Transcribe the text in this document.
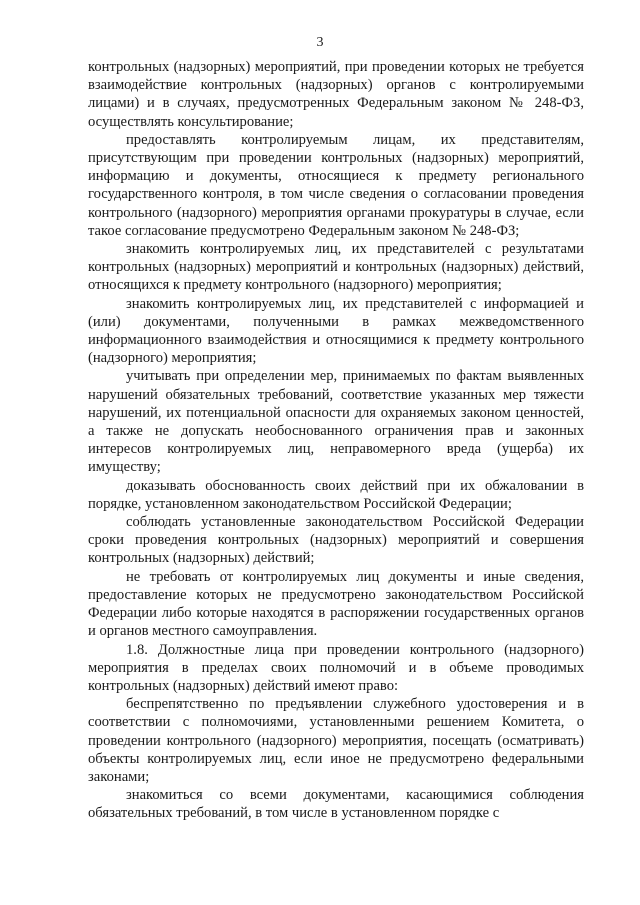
3

контрольных (надзорных) мероприятий, при проведении которых не требуется взаимодействие контрольных (надзорных) органов с контролируемыми лицами) и в случаях, предусмотренных Федеральным законом № 248-ФЗ, осуществлять консультирование;

предоставлять контролируемым лицам, их представителям, присутствующим при проведении контрольных (надзорных) мероприятий, информацию и документы, относящиеся к предмету регионального государственного контроля, в том числе сведения о согласовании проведения контрольного (надзорного) мероприятия органами прокуратуры в случае, если такое согласование предусмотрено Федеральным законом № 248-ФЗ;

знакомить контролируемых лиц, их представителей с результатами контрольных (надзорных) мероприятий и контрольных (надзорных) действий, относящихся к предмету контрольного (надзорного) мероприятия;

знакомить контролируемых лиц, их представителей с информацией и (или) документами, полученными в рамках межведомственного информационного взаимодействия и относящимися к предмету контрольного (надзорного) мероприятия;

учитывать при определении мер, принимаемых по фактам выявленных нарушений обязательных требований, соответствие указанных мер тяжести нарушений, их потенциальной опасности для охраняемых законом ценностей, а также не допускать необоснованного ограничения прав и законных интересов контролируемых лиц, неправомерного вреда (ущерба) их имуществу;

доказывать обоснованность своих действий при их обжаловании в порядке, установленном законодательством Российской Федерации;

соблюдать установленные законодательством Российской Федерации сроки проведения контрольных (надзорных) мероприятий и совершения контрольных (надзорных) действий;

не требовать от контролируемых лиц документы и иные сведения, предоставление которых не предусмотрено законодательством Российской Федерации либо которые находятся в распоряжении государственных органов и органов местного самоуправления.

1.8. Должностные лица при проведении контрольного (надзорного) мероприятия в пределах своих полномочий и в объеме проводимых контрольных (надзорных) действий имеют право:

беспрепятственно по предъявлении служебного удостоверения и в соответствии с полномочиями, установленными решением Комитета, о проведении контрольного (надзорного) мероприятия, посещать (осматривать) объекты контролируемых лиц, если иное не предусмотрено федеральными законами;

знакомиться со всеми документами, касающимися соблюдения обязательных требований, в том числе в установленном порядке с
